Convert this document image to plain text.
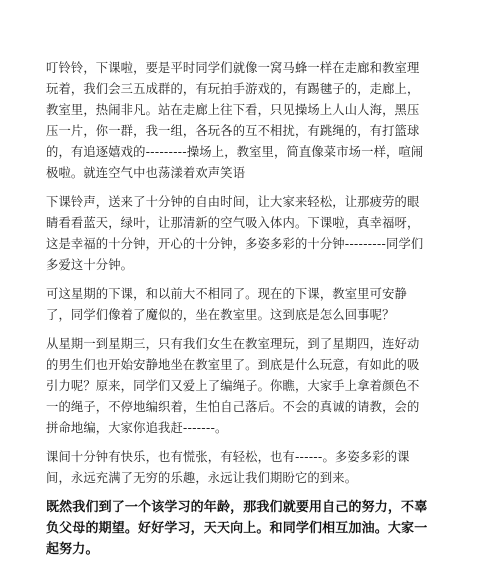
叮铃铃，下课啦，要是平时同学们就像一窝马蜂一样在走廊和教室理玩着，我们会三五成群的，有玩拍手游戏的，有踢毽子的，走廊上，教室里，热闹非凡。站在走廊上往下看，只见操场上人山人海，黑压压一片，你一群，我一组，各玩各的互不相扰，有跳绳的，有打篮球的，有追逐嬉戏的---------操场上，教室里，简直像菜市场一样，喧闹极啦。就连空气中也荡漾着欢声笑语

下课铃声，送来了十分钟的自由时间，让大家来轻松，让那疲劳的眼睛看看蓝天，绿叶，让那清新的空气吸入体内。下课啦，真幸福呀，这是幸福的十分钟，开心的十分钟，多姿多彩的十分钟---------同学们多爱这十分钟。

可这星期的下课，和以前大不相同了。现在的下课，教室里可安静了，同学们像着了魔似的，坐在教室里。这到底是怎么回事呢？

从星期一到星期三，只有我们女生在教室理玩，到了星期四，连好动的男生们也开始安静地坐在教室里了。到底是什么玩意，有如此的吸引力呢？原来，同学们又爱上了编绳子。你瞧，大家手上拿着颜色不一的绳子，不停地编织着，生怕自己落后。不会的真诚的请教，会的拼命地编，大家你追我赶-------。

课间十分钟有快乐，也有慌张，有轻松，也有------。多姿多彩的课间，永远充满了无穷的乐趣，永远让我们期盼它的到来。

既然我们到了一个该学习的年龄，那我们就要用自己的努力，不辜负父母的期望。好好学习，天天向上。和同学们相互加油。大家一起努力。
